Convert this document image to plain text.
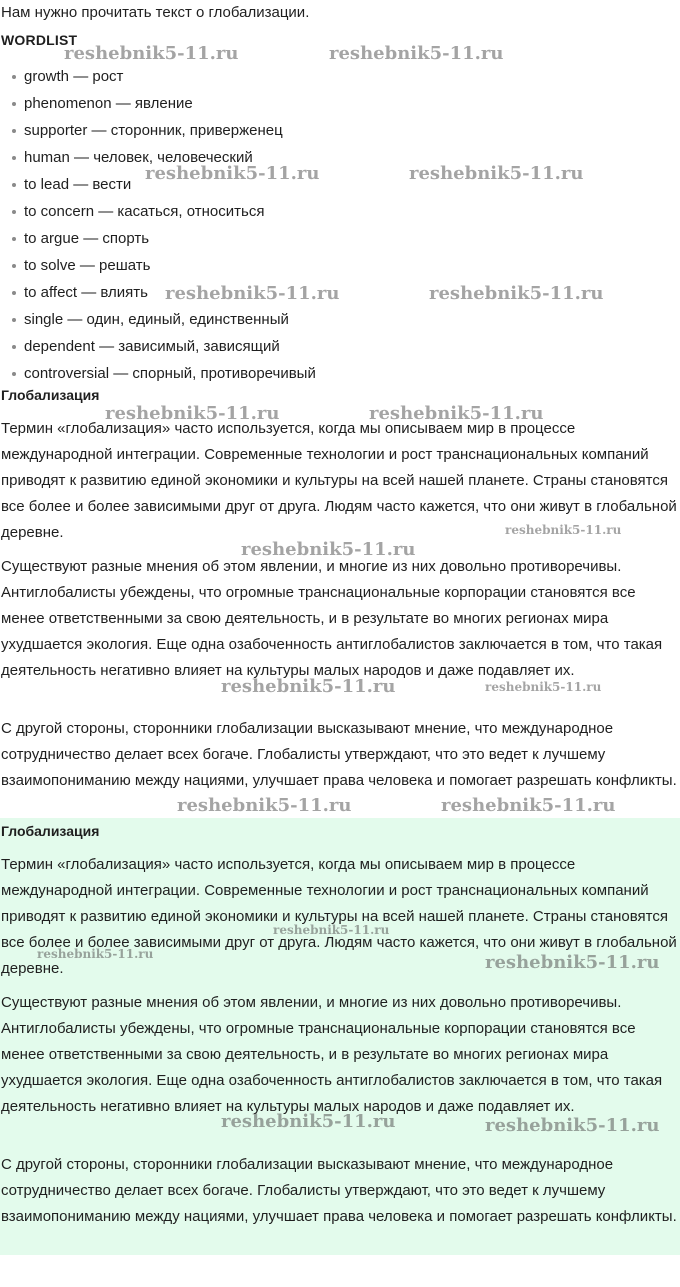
Нам нужно прочитать текст о глобализации.

WORDLIST

growth — рост
phenomenon — явление
supporter — сторонник, приверженец
human — человек, человеческий
to lead — вести
to concern — касаться, относиться
to argue — спорть
to solve — решать
to affect — влиять
single — один, единый, единственный
dependent — зависимый, зависящий
controversial — спорный, противоречивый

Глобализация

Термин «глобализация» часто используется, когда мы описываем мир в процессе международной интеграции. Современные технологии и рост транснациональных компаний приводят к развитию единой экономики и культуры на всей нашей планете. Страны становятся все более и более зависимыми друг от друга. Людям часто кажется, что они живут в глобальной деревне.

Существуют разные мнения об этом явлении, и многие из них довольно противоречивы. Антиглобалисты убеждены, что огромные транснациональные корпорации становятся все менее ответственными за свою деятельность, и в результате во многих регионах мира ухудшается экология. Еще одна озабоченность антиглобалистов заключается в том, что такая деятельность негативно влияет на культуры малых народов и даже подавляет их.

С другой стороны, сторонники глобализации высказывают мнение, что международное сотрудничество делает всех богаче. Глобалисты утверждают, что это ведет к лучшему взаимопониманию между нациями, улучшает права человека и помогает разрешать конфликты.

Глобализация

Термин «глобализация» часто используется, когда мы описываем мир в процессе международной интеграции. Современные технологии и рост транснациональных компаний приводят к развитию единой экономики и культуры на всей нашей планете. Страны становятся все более и более зависимыми друг от друга. Людям часто кажется, что они живут в глобальной деревне.

Существуют разные мнения об этом явлении, и многие из них довольно противоречивы. Антиглобалисты убеждены, что огромные транснациональные корпорации становятся все менее ответственными за свою деятельность, и в результате во многих регионах мира ухудшается экология. Еще одна озабоченность антиглобалистов заключается в том, что такая деятельность негативно влияет на культуры малых народов и даже подавляет их.

С другой стороны, сторонники глобализации высказывают мнение, что международное сотрудничество делает всех богаче. Глобалисты утверждают, что это ведет к лучшему взаимопониманию между нациями, улучшает права человека и помогает разрешать конфликты.

reshebnik5-11.ru	reshebnik5-11.ru
reshebnik5-11.ru	reshebnik5-11.ru
reshebnik5-11.ru	reshebnik5-11.ru
reshebnik5-11.ru	reshebnik5-11.ru
reshebnik5-11.ru
reshebnik5-11.ru
reshebnik5-11.ru	reshebnik5-11.ru
reshebnik5-11.ru	reshebnik5-11.ru
reshebnik5-11.ru
reshebnik5-11.ru	reshebnik5-11.ru
reshebnik5-11.ru	reshebnik5-11.ru
